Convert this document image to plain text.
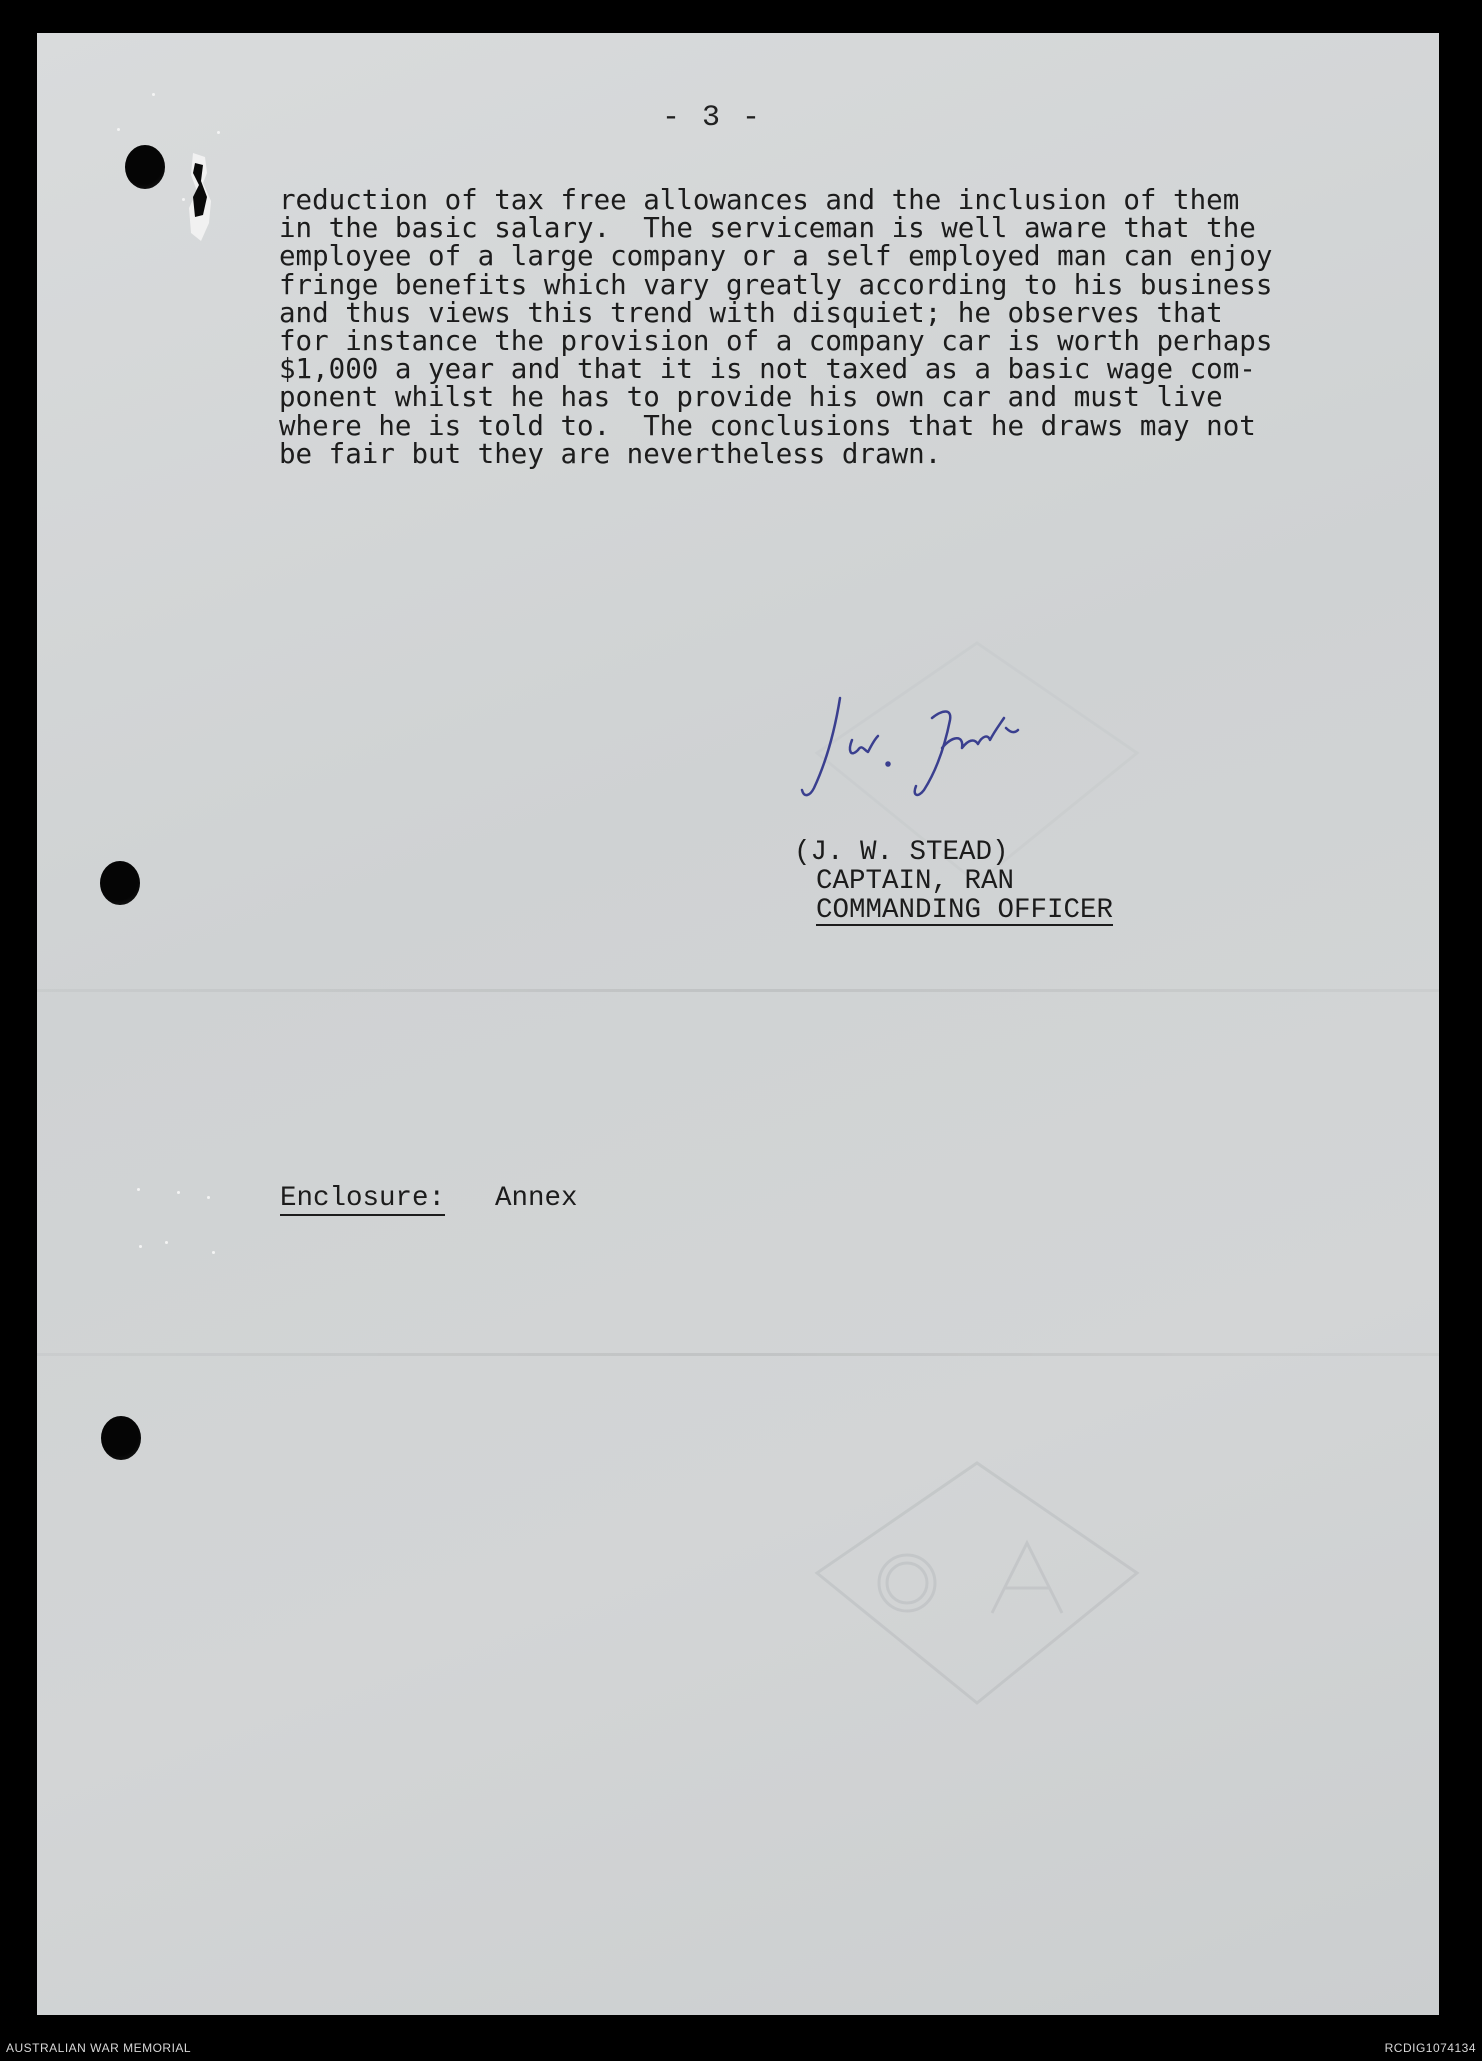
- 3 -
reduction of tax free allowances and the inclusion of them
in the basic salary.  The serviceman is well aware that the
employee of a large company or a self employed man can enjoy
fringe benefits which vary greatly according to his business
and thus views this trend with disquiet; he observes that
for instance the provision of a company car is worth perhaps
$1,000 a year and that it is not taxed as a basic wage com-
ponent whilst he has to provide his own car and must live
where he is told to.  The conclusions that he draws may not
be fair but they are nevertheless drawn.
(J. W. STEAD)
CAPTAIN, RAN
COMMANDING OFFICER
Enclosure: Annex
AUSTRALIAN WAR MEMORIAL	RCDIG1074134
